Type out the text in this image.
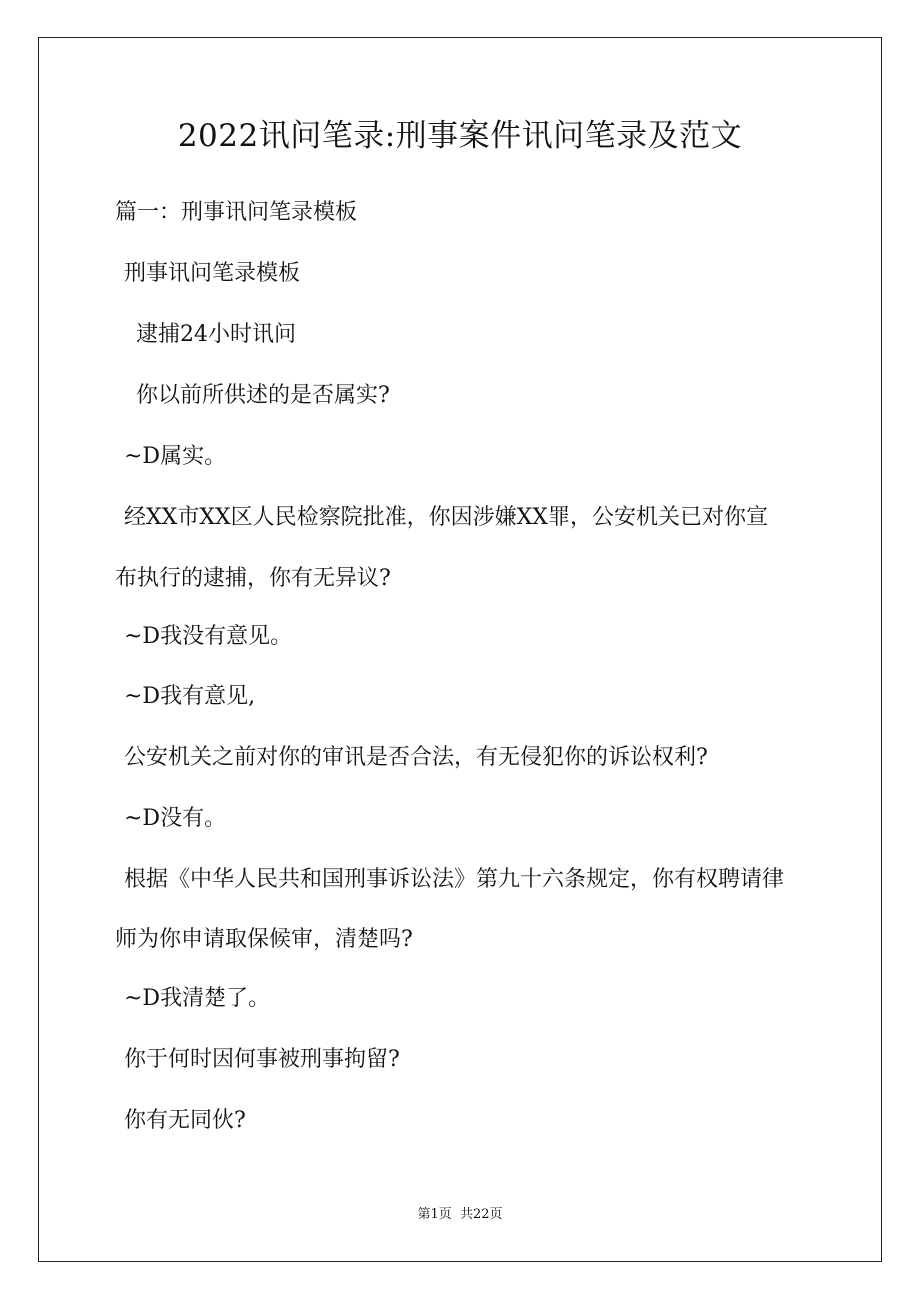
2022讯问笔录:刑事案件讯问笔录及范文
篇一：刑事讯问笔录模板
刑事讯问笔录模板
逮捕24小时讯问
你以前所供述的是否属实?
~D属实。
经XX市XX区人民检察院批准，你因涉嫌XX罪，公安机关已对你宣
布执行的逮捕，你有无异议?
~D我没有意见。
~D我有意见,
公安机关之前对你的审讯是否合法，有无侵犯你的诉讼权利?
~D没有。
根据《中华人民共和国刑事诉讼法》第九十六条规定，你有权聘请律
师为你申请取保候审，清楚吗?
~D我清楚了。
你于何时因何事被刑事拘留?
你有无同伙?
第1页  共22页
